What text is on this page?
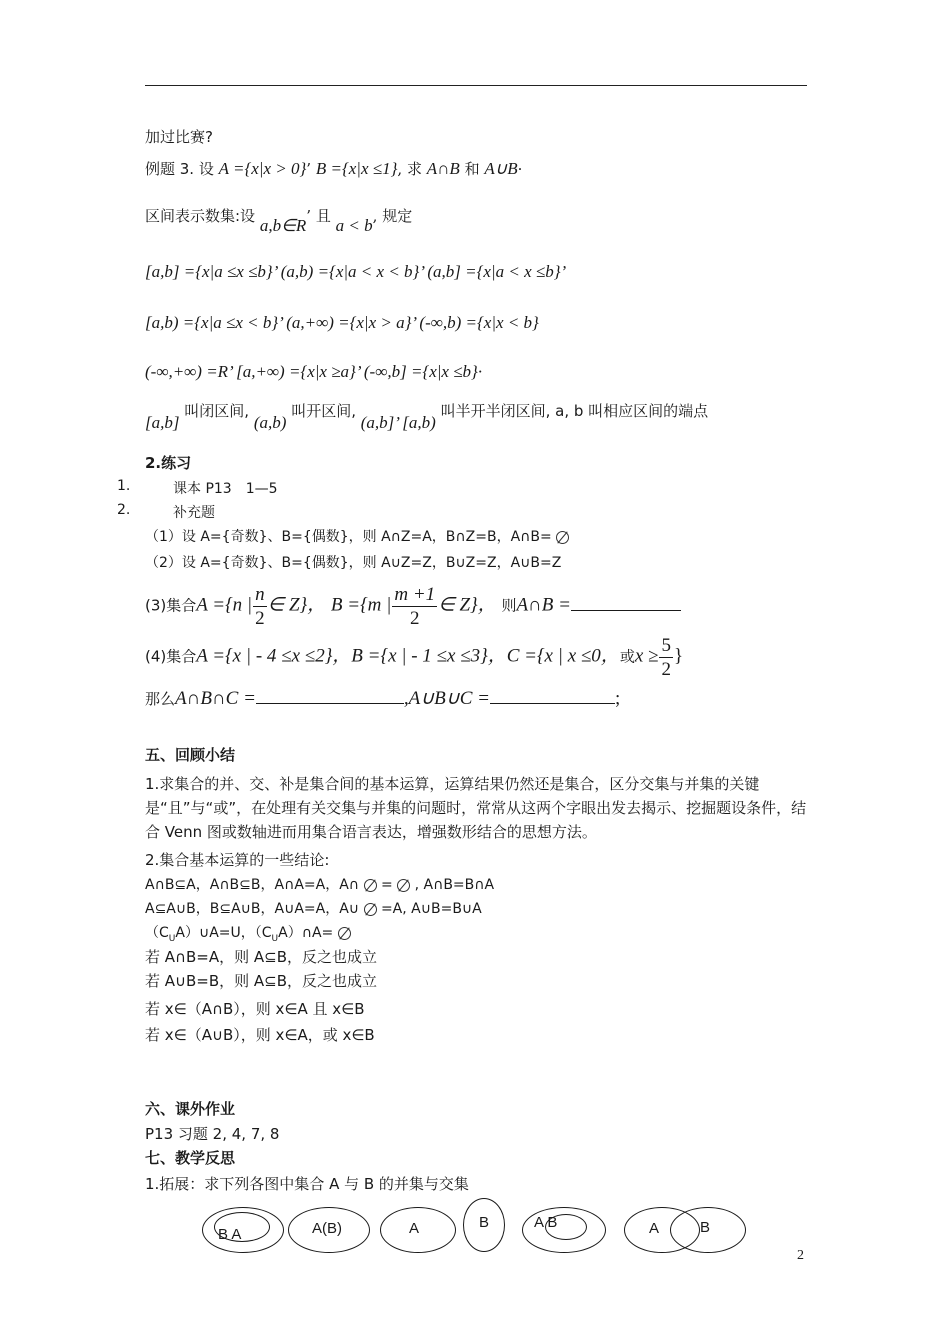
加过比赛?
例题 3. 设 A ={x|x > 0}’ B ={x|x ≤1}, 求 A∩B 和 A∪B·
区间表示数集:设 a,b∈R’ 且 a < b, 规定
[a,b] ={x|a ≤x ≤b}’ (a,b) ={x|a < x < b}’ (a,b] ={x|a < x ≤b}’
[a,b) ={x|a ≤x < b}’ (a,+∞) ={x|x > a}’ (-∞,b) ={x|x < b}
(-∞,+∞) =R’ [a,+∞) ={x|x ≥a}’ (-∞,b] ={x|x ≤b}·
[a,b] 叫闭区间, (a,b) 叫开区间, (a,b]’ [a,b) 叫半开半闭区间, a, b 叫相应区间的端点
2.练习
1.	课本 P13　1—5
2.	补充题
（1）设 A={奇数}、B={偶数}，则 A∩Z=A，B∩Z=B，A∩B=
（2）设 A={奇数}、B={偶数}，则 A∪Z=Z，B∪Z=Z，A∪B=Z
(3)集合A ={n | $\frac{n}{2}$ ∈ Z}， B ={m | $\frac{m +1}{2}$ ∈ Z}， 则A∩B =
(4)集合A ={x | - 4 ≤x ≤2}，B ={x | - 1 ≤x ≤3}，C ={x | x ≤0，或$x \ge \frac{5}{2}$ }
那么A∩B∩C =	,A∪B∪C =	;
五、回顾小结
1.求集合的并、交、补是集合间的基本运算，运算结果仍然还是集合，区分交集与并集的关键是“且”与“或”，在处理有关交集与并集的问题时，常常从这两个字眼出发去揭示、挖掘题设条件，结合 Venn 图或数轴进而用集合语言表达，增强数形结合的思想方法。
2.集合基本运算的一些结论:
A∩B⊆A，A∩B⊆B，A∩A=A，A∩ = , A∩B=B∩A
A⊆A∪B，B⊆A∪B，A∪A=A，A∪ =A, A∪B=B∪A
$(C_UA)\cup A=U$，$(C_UA)\cap A=$
若 A∩B=A，则 A⊆B，反之也成立
若 A∪B=B，则 A⊆B，反之也成立
若 x∈（A∩B），则 x∈A 且 x∈B
若 x∈（A∪B），则 x∈A，或 x∈B
六、课外作业
P13 习题 2, 4, 7, 8
七、教学反思
1.拓展：求下列各图中集合 A 与 B 的并集与交集
B A	A(B)	A	B	A B	A	B
2
